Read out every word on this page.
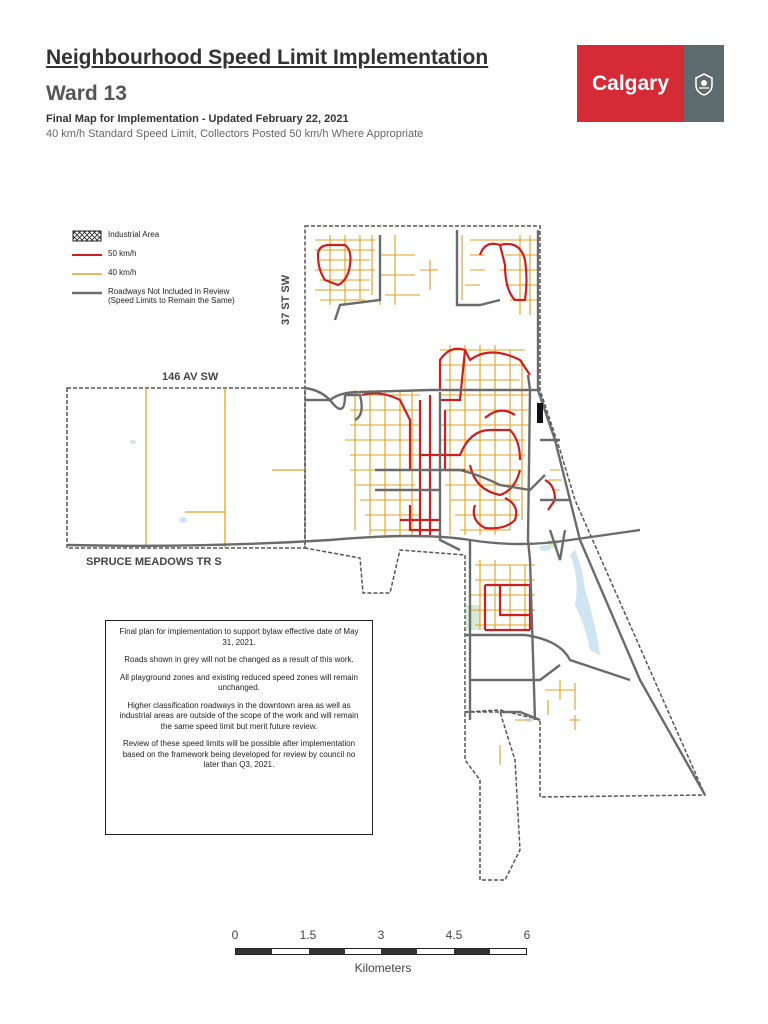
Neighbourhood Speed Limit Implementation
Ward 13
Final Map for Implementation - Updated February 22, 2021
40 km/h Standard Speed Limit, Collectors Posted 50 km/h Where Appropriate
Calgary
Industrial Area
50 km/h
40 km/h
Roadways Not Included in Review
(Speed Limits to Remain the Same)	37 ST SW
146 AV SW
SPRUCE MEADOWS TR S

Final plan for implementation to support bylaw effective date of May 31, 2021.

Roads shown in grey will not be changed as a result of this work.

All playground zones and existing reduced speed zones will remain unchanged.

Higher classification roadways in the downtown area as well as industrial areas are outside of the scope of the work and will remain the same speed limit but merit future review.

Review of these speed limits will be possible after implementation based on the framework being developed for review by council no later than Q3, 2021.

0	1.5	3	4.5	6
Kilometers
